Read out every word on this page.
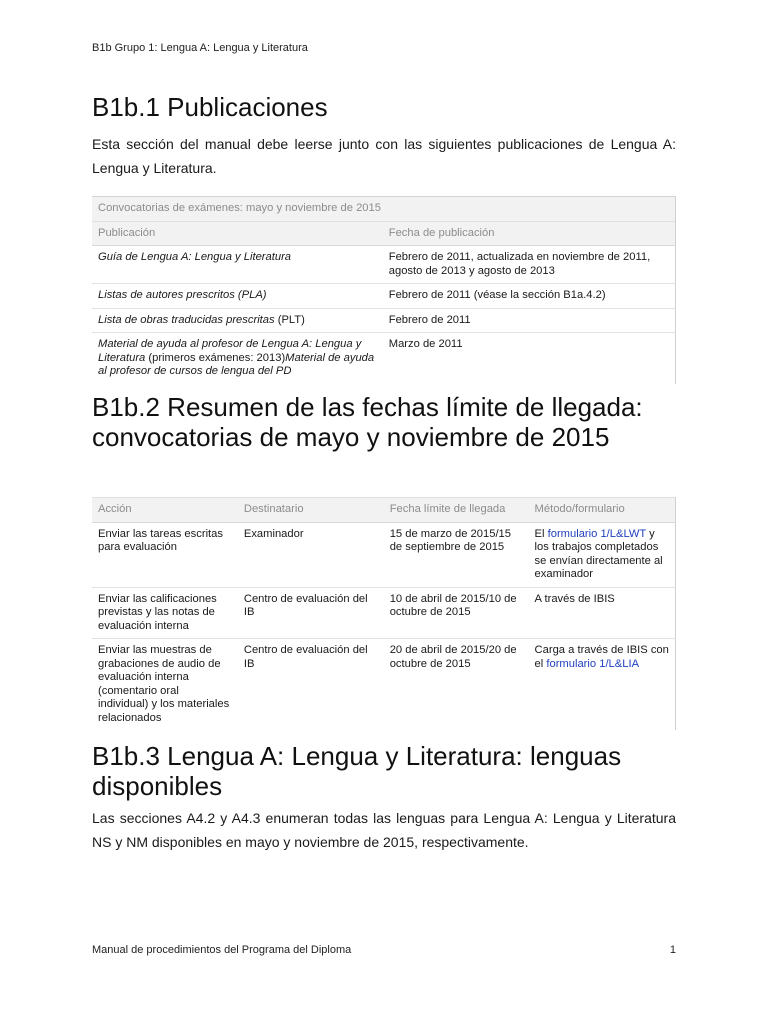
B1b Grupo 1: Lengua A: Lengua y Literatura
B1b.1 Publicaciones

Esta sección del manual debe leerse junto con las siguientes publicaciones de Lengua A: Lengua y Literatura.

Convocatorias de exámenes: mayo y noviembre de 2015	
Publicación	Fecha de publicación
Guía de Lengua A: Lengua y Literatura	Febrero de 2011, actualizada en noviembre de 2011, agosto de 2013 y agosto de 2013
Listas de autores prescritos (PLA)	Febrero de 2011 (véase la sección B1a.4.2)
Lista de obras traducidas prescritas (PLT)	Febrero de 2011
Material de ayuda al profesor de Lengua A: Lengua y Literatura (primeros exámenes: 2013)Material de ayuda al profesor de cursos de lengua del PD	Marzo de 2011
B1b.2 Resumen de las fechas límite de llegada: convocatorias de mayo y noviembre de 2015
Acción	Destinatario	Fecha límite de llegada	Método/formulario
Enviar las tareas escritas para evaluación	Examinador	15 de marzo de 2015/15 de septiembre de 2015	El formulario 1/L&LWT y los trabajos completados se envían directamente al examinador
Enviar las calificaciones previstas y las notas de evaluación interna	Centro de evaluación del IB	10 de abril de 2015/10 de octubre de 2015	A través de IBIS
Enviar las muestras de grabaciones de audio de evaluación interna (comentario oral individual) y los materiales relacionados	Centro de evaluación del IB	20 de abril de 2015/20 de octubre de 2015	Carga a través de IBIS con el formulario 1/L&LIA
B1b.3 Lengua A: Lengua y Literatura: lenguas disponibles

Las secciones A4.2 y A4.3 enumeran todas las lenguas para Lengua A: Lengua y Literatura NS y NM disponibles en mayo y noviembre de 2015, respectivamente.

Manual de procedimientos del Programa del Diploma	1
